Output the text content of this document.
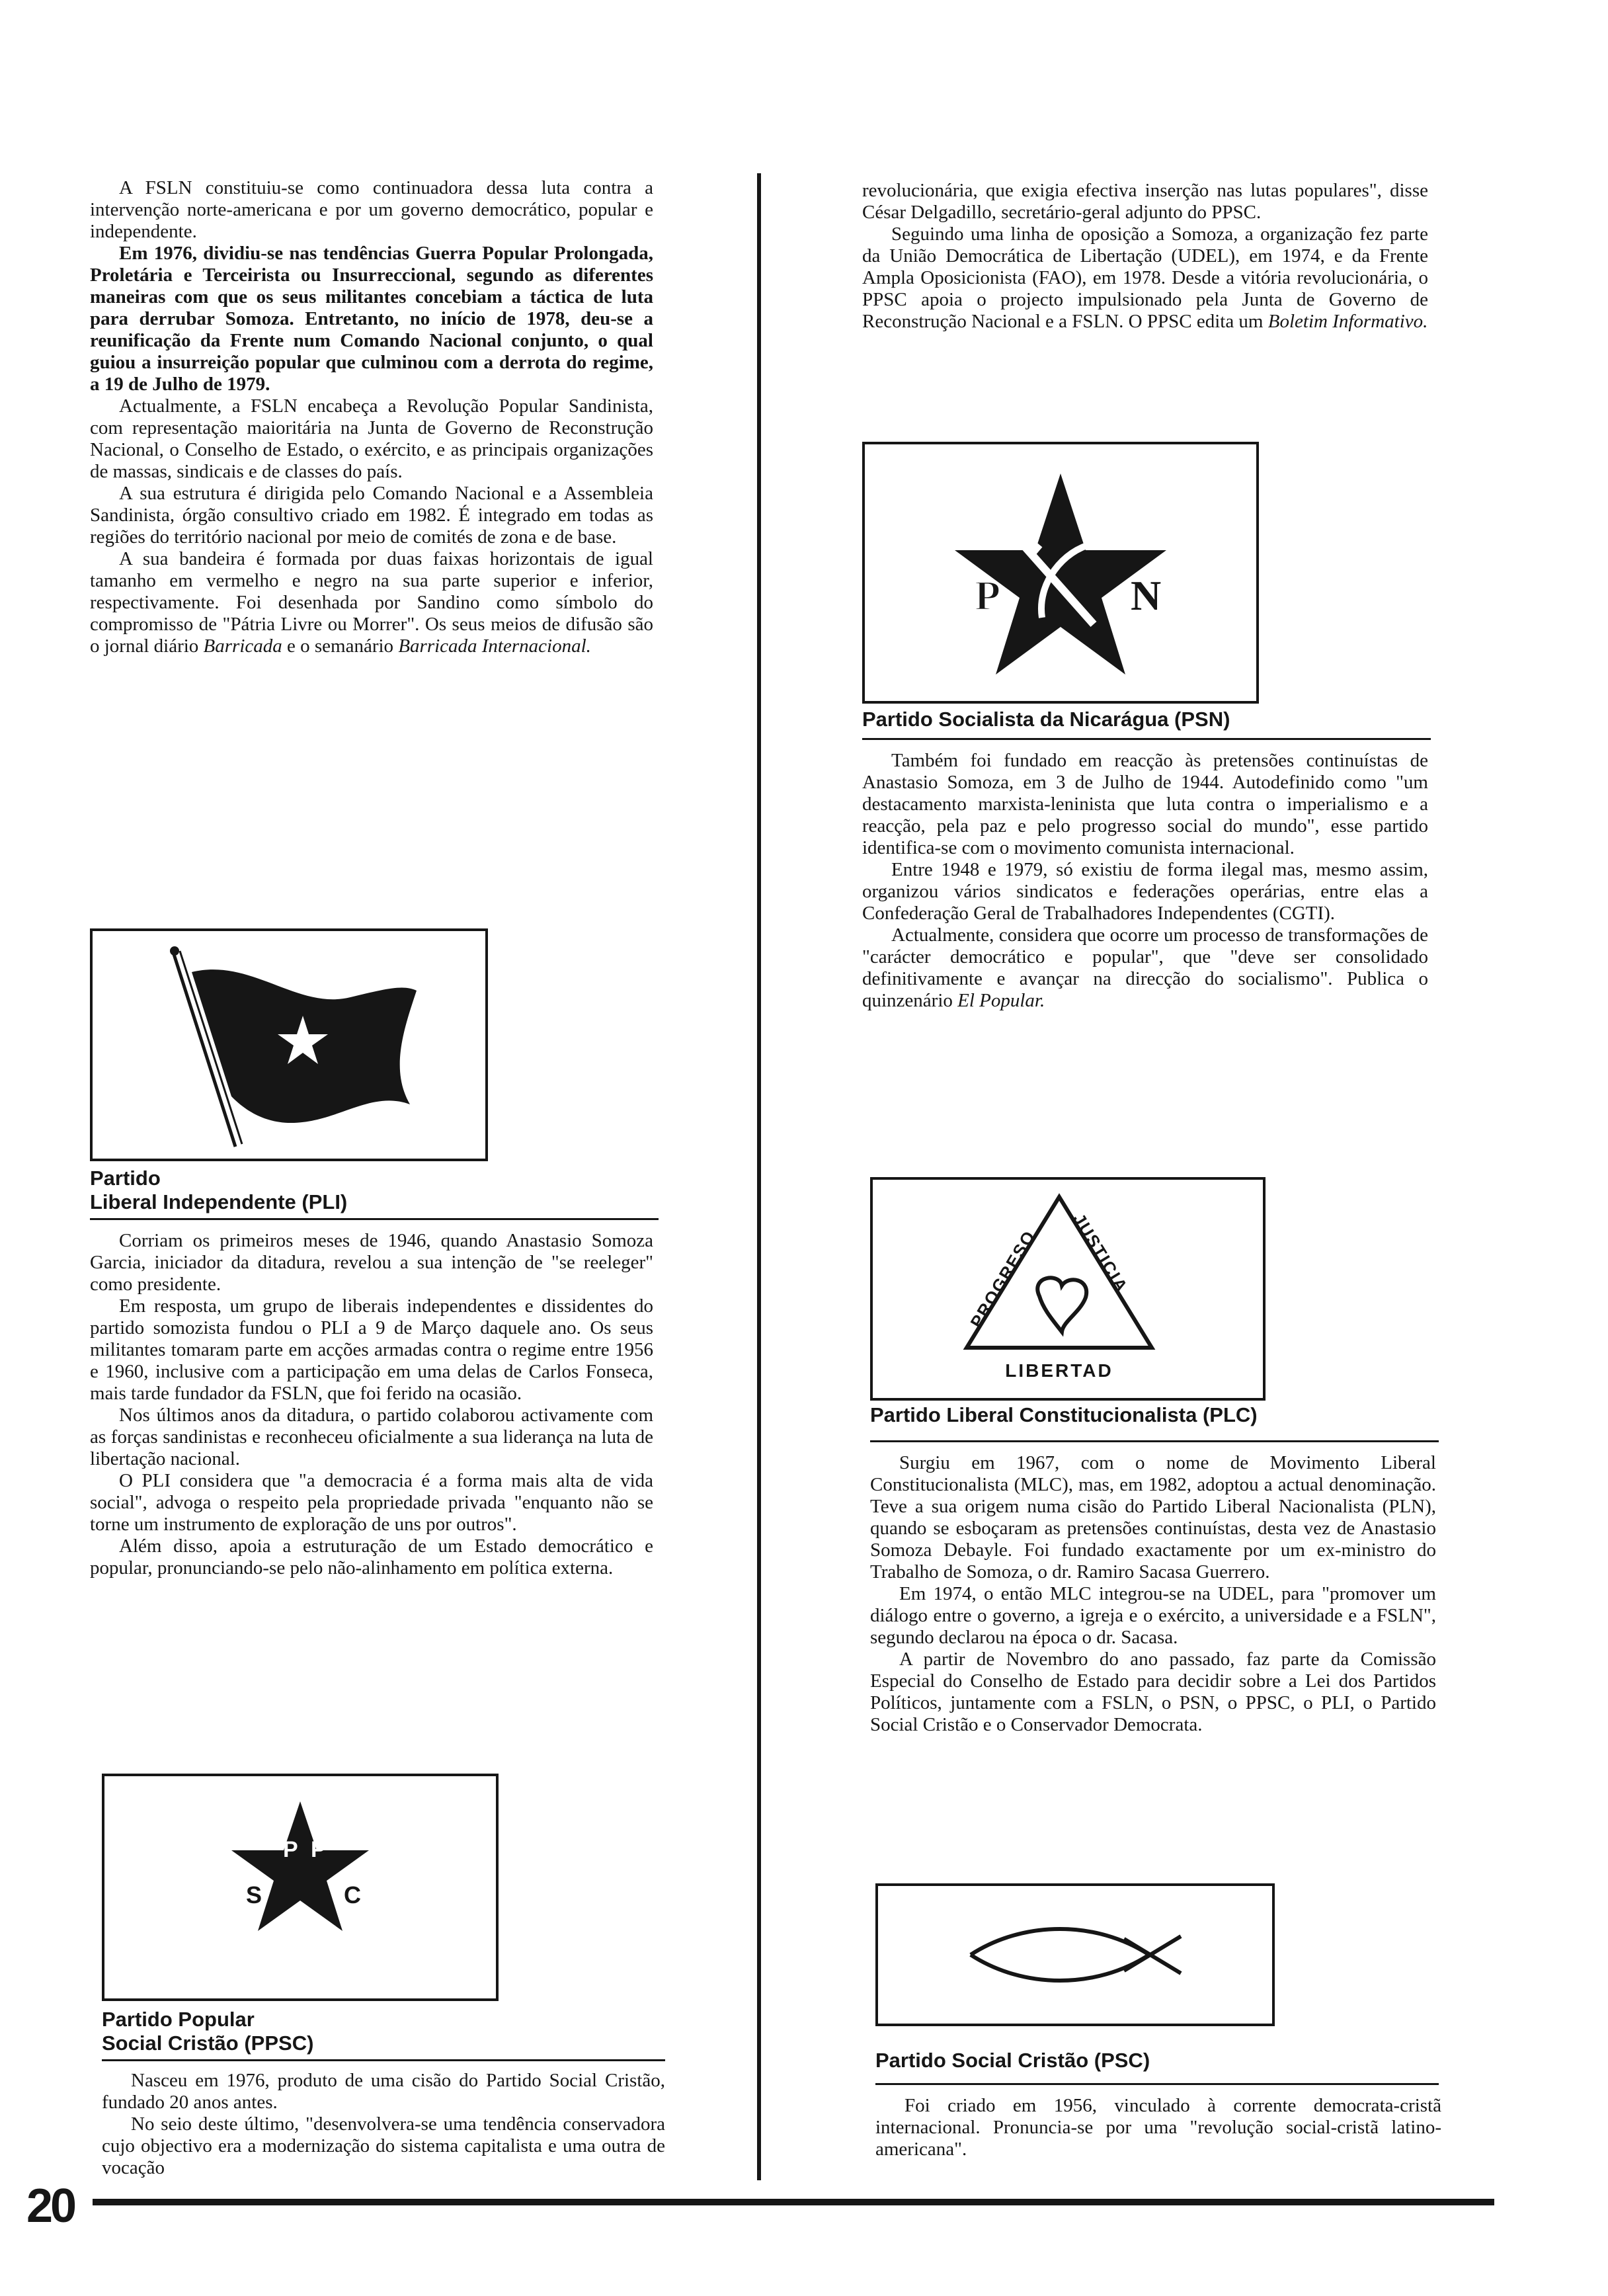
A FSLN constituiu-se como continuadora dessa luta contra a intervenção norte-americana e por um governo democrático, popular e independente.

Em 1976, dividiu-se nas tendências Guerra Popular Prolongada, Proletária e Terceirista ou Insurreccional, segundo as diferentes maneiras com que os seus militantes concebiam a táctica de luta para derrubar Somoza. Entretanto, no início de 1978, deu-se a reunificação da Frente num Comando Nacional conjunto, o qual guiou a insurreição popular que culminou com a derrota do regime, a 19 de Julho de 1979.

Actualmente, a FSLN encabeça a Revolução Popular Sandinista, com representação maioritária na Junta de Governo de Reconstrução Nacional, o Conselho de Estado, o exército, e as principais organizações de massas, sindicais e de classes do país.

A sua estrutura é dirigida pelo Comando Nacional e a Assembleia Sandinista, órgão consultivo criado em 1982. É integrado em todas as regiões do território nacional por meio de comités de zona e de base.

A sua bandeira é formada por duas faixas horizontais de igual tamanho em vermelho e negro na sua parte superior e inferior, respectivamente. Foi desenhada por Sandino como símbolo do compromisso de "Pátria Livre ou Morrer". Os seus meios de difusão são o jornal diário Barricada e o semanário Barricada Internacional.

Partido
Liberal Independente (PLI)

Corriam os primeiros meses de 1946, quando Anastasio Somoza Garcia, iniciador da ditadura, revelou a sua intenção de "se reeleger" como presidente.

Em resposta, um grupo de liberais independentes e dissidentes do partido somozista fundou o PLI a 9 de Março daquele ano. Os seus militantes tomaram parte em acções armadas contra o regime entre 1956 e 1960, inclusive com a participação em uma delas de Carlos Fonseca, mais tarde fundador da FSLN, que foi ferido na ocasião.

Nos últimos anos da ditadura, o partido colaborou activamente com as forças sandinistas e reconheceu oficialmente a sua liderança na luta de libertação nacional.

O PLI considera que "a democracia é a forma mais alta de vida social", advoga o respeito pela propriedade privada "enquanto não se torne um instrumento de exploração de uns por outros".

Além disso, apoia a estruturação de um Estado democrático e popular, pronunciando-se pelo não-alinhamento em política externa.

P P
S	C
Partido Popular
Social Cristão (PPSC)

Nasceu em 1976, produto de uma cisão do Partido Social Cristão, fundado 20 anos antes.

No seio deste último, "desenvolvera-se uma tendência conservadora cujo objectivo era a modernização do sistema capitalista e uma outra de vocação

revolucionária, que exigia efectiva inserção nas lutas populares", disse César Delgadillo, secretário-geral adjunto do PPSC.

Seguindo uma linha de oposição a Somoza, a organização fez parte da União Democrática de Libertação (UDEL), em 1974, e da Frente Ampla Oposicionista (FAO), em 1978. Desde a vitória revolucionária, o PPSC apoia o projecto impulsionado pela Junta de Governo de Reconstrução Nacional e a FSLN. O PPSC edita um Boletim Informativo.

P	N
S
Partido Socialista da Nicarágua (PSN)

Também foi fundado em reacção às pretensões continuístas de Anastasio Somoza, em 3 de Julho de 1944. Autodefinido como "um destacamento marxista-leninista que luta contra o imperialismo e a reacção, pela paz e pelo progresso social do mundo", esse partido identifica-se com o movimento comunista internacional.

Entre 1948 e 1979, só existiu de forma ilegal mas, mesmo assim, organizou vários sindicatos e federações operárias, entre elas a Confederação Geral de Trabalhadores Independentes (CGTI).

Actualmente, considera que ocorre um processo de transformações de "carácter democrático e popular", que "deve ser consolidado definitivamente e avançar na direcção do socialismo". Publica o quinzenário El Popular.

PROGRESO
JUSTICIA
LIBERTAD
Partido Liberal Constitucionalista (PLC)

Surgiu em 1967, com o nome de Movimento Liberal Constitucionalista (MLC), mas, em 1982, adoptou a actual denominação. Teve a sua origem numa cisão do Partido Liberal Nacionalista (PLN), quando se esboçaram as pretensões continuístas, desta vez de Anastasio Somoza Debayle. Foi fundado exactamente por um ex-ministro do Trabalho de Somoza, o dr. Ramiro Sacasa Guerrero.

Em 1974, o então MLC integrou-se na UDEL, para "promover um diálogo entre o governo, a igreja e o exército, a universidade e a FSLN", segundo declarou na época o dr. Sacasa.

A partir de Novembro do ano passado, faz parte da Comissão Especial do Conselho de Estado para decidir sobre a Lei dos Partidos Políticos, juntamente com a FSLN, o PSN, o PPSC, o PLI, o Partido Social Cristão e o Conservador Democrata.

Partido Social Cristão (PSC)

Foi criado em 1956, vinculado à corrente democrata-cristã internacional. Pronuncia-se por uma "revolução social-cristã latino-americana".

20
